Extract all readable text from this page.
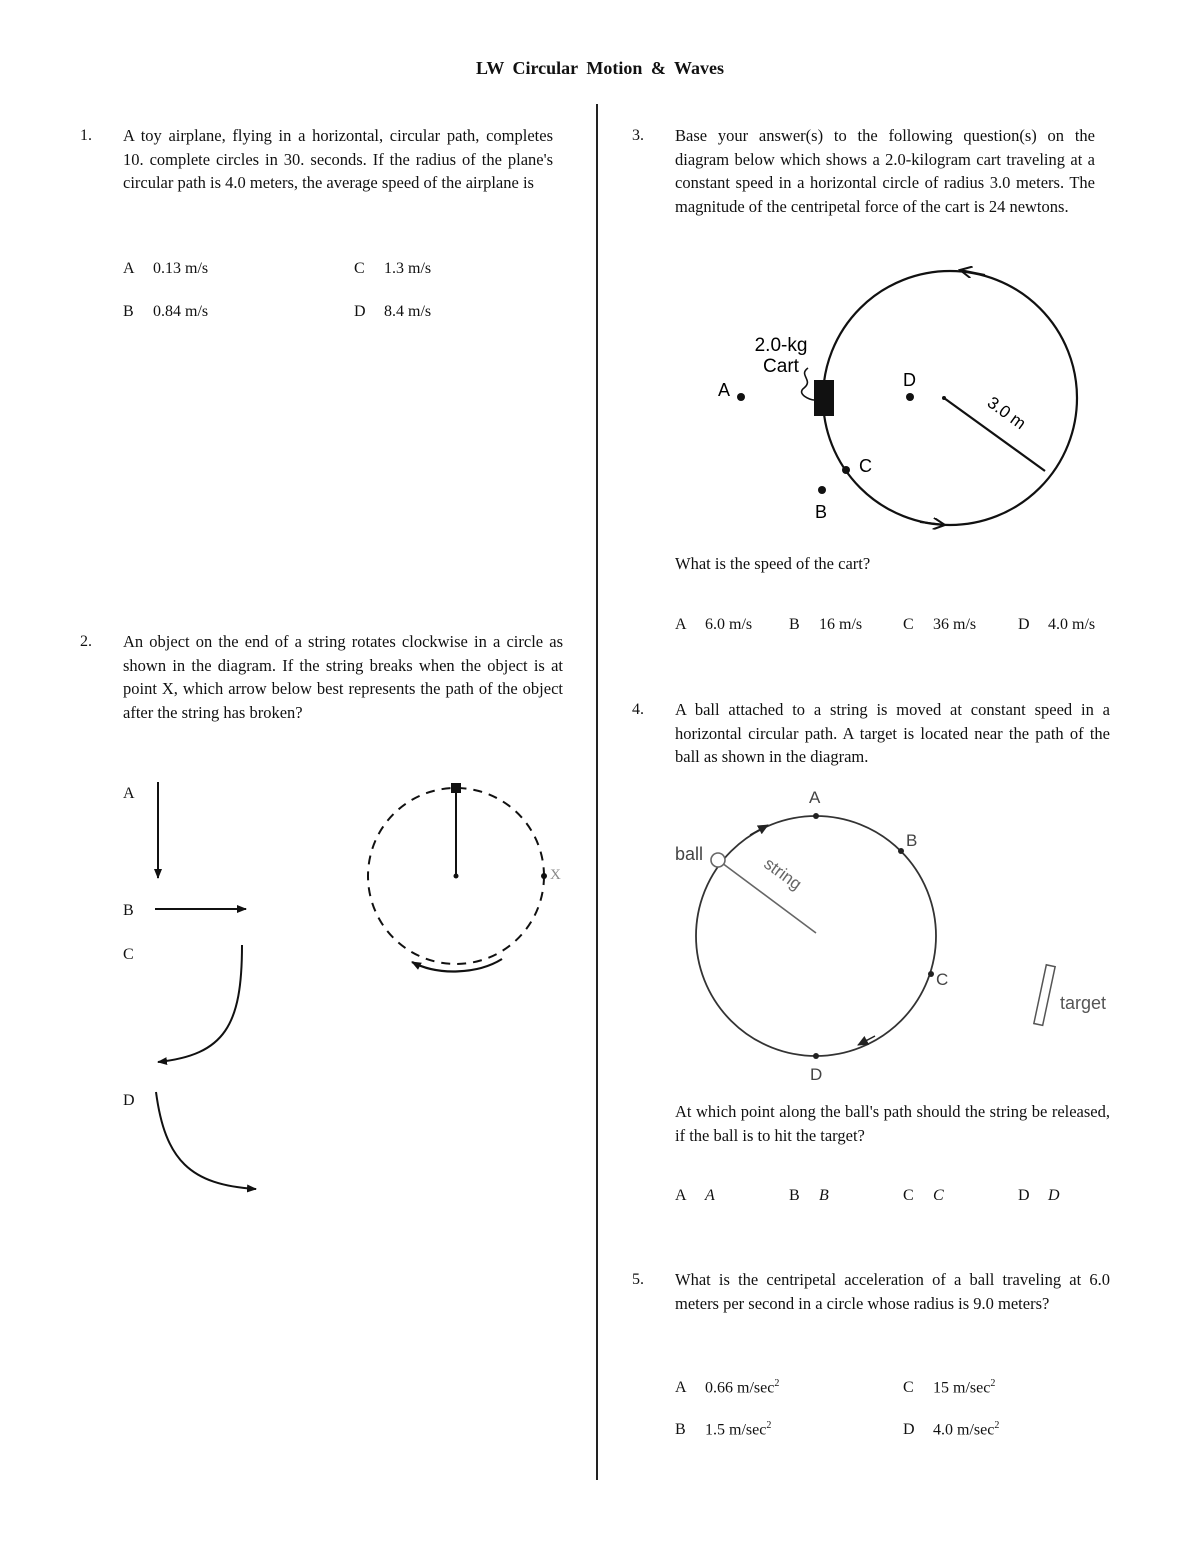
LW Circular Motion & Waves
1. A toy airplane, flying in a horizontal, circular path, completes 10. complete circles in 30. seconds. If the radius of the plane's circular path is 4.0 meters, the average speed of the airplane is
A 0.13 m/s
B 0.84 m/s
C 1.3 m/s
D 8.4 m/s
2. An object on the end of a string rotates clockwise in a circle as shown in the diagram. If the string breaks when the object is at point X, which arrow below best represents the path of the object after the string has broken?
A
B
C
D
X
3. Base your answer(s) to the following question(s) on the diagram below which shows a 2.0-kilogram cart traveling at a constant speed in a horizontal circle of radius 3.0 meters. The magnitude of the centripetal force of the cart is 24 newtons.
2.0-kg
Cart
A
B
C
D
3.0 m
What is the speed of the cart?
A 6.0 m/s B 16 m/s	C 36 m/s	D 4.0 m/s
4. A ball attached to a string is moved at constant speed in a horizontal circular path. A target is located near the path of the ball as shown in the diagram.
ball	string
target
A
B
C
D
At which point along the ball's path should the string be released, if the ball is to hit the target?
A A	B B	C C	D D
5. What is the centripetal acceleration of a ball traveling at 6.0 meters per second in a circle whose radius is 9.0 meters?
A 0.66 $m/\sec^2$
B 1.5 $m/\sec^2$
C 15 $m/\sec^2$
D 4.0 $m/\sec^2$
